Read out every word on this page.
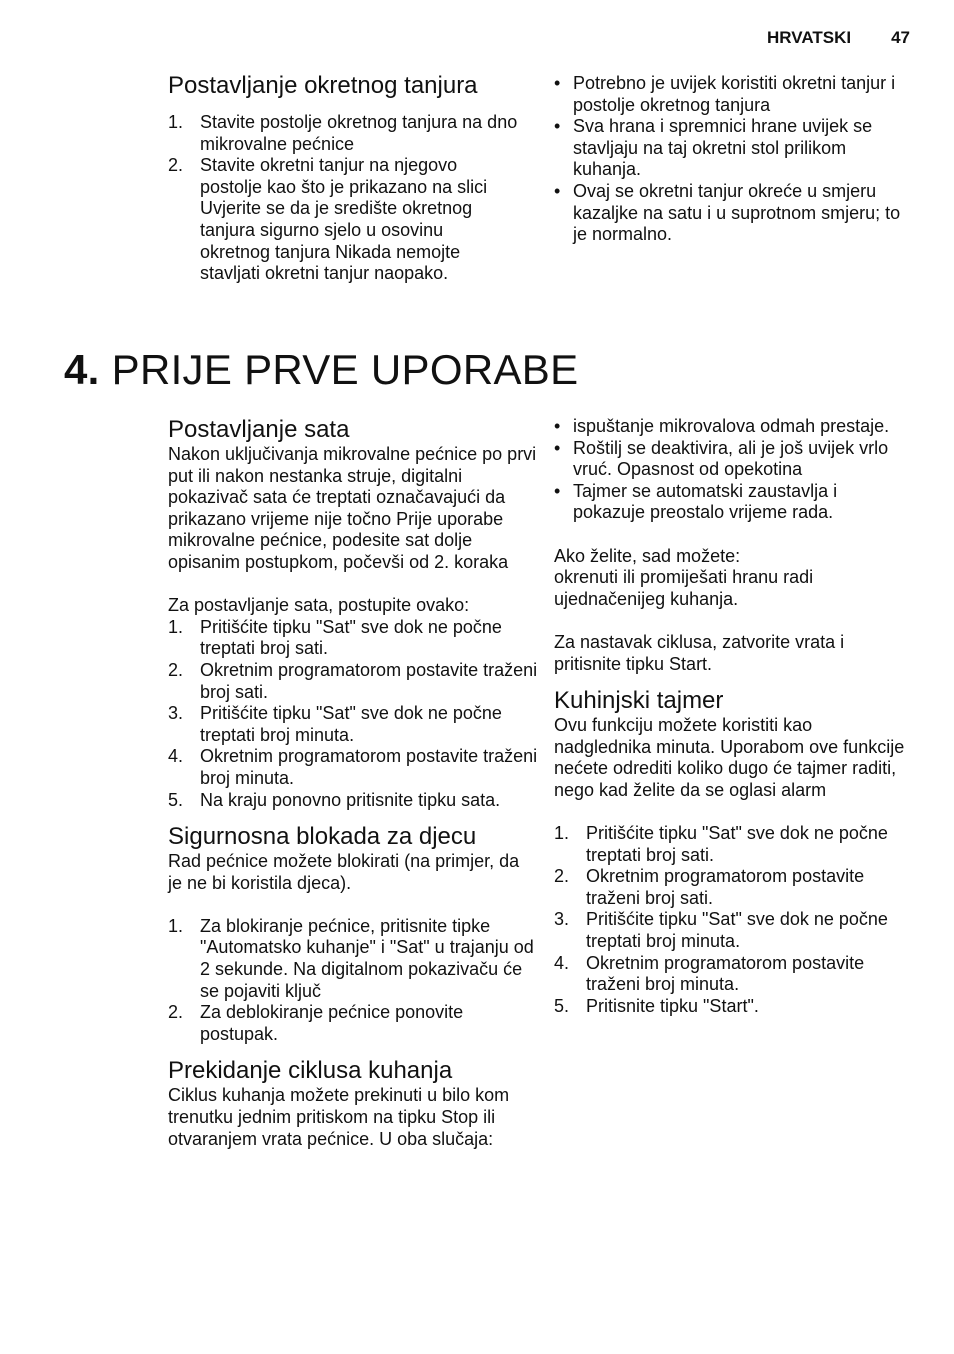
HRVATSKI 47
Postavljanje okretnog tanjura
1. Stavite postolje okretnog tanjura na dno mikrovalne pećnice
2. Stavite okretni tanjur na njegovo postolje kao što je prikazano na slici Uvjerite se da je središte okretnog tanjura sigurno sjelo u osovinu okretnog tanjura Nikada nemojte stavljati okretni tanjur naopako.
• Potrebno je uvijek koristiti okretni tanjur i postolje okretnog tanjura
• Sva hrana i spremnici hrane uvijek se stavljaju na taj okretni stol prilikom kuhanja.
• Ovaj se okretni tanjur okreće u smjeru kazaljke na satu i u suprotnom smjeru; to je normalno.
4. PRIJE PRVE UPORABE
Postavljanje sata

Nakon uključivanja mikrovalne pećnice po prvi put ili nakon nestanka struje, digitalni pokazivač sata će treptati označavajući da prikazano vrijeme nije točno Prije uporabe mikrovalne pećnice, podesite sat dolje opisanim postupkom, počevši od 2. koraka

Za postavljanje sata, postupite ovako:

1. Pritišćite tipku "Sat" sve dok ne počne treptati broj sati.
2. Okretnim programatorom postavite traženi broj sati.
3. Pritišćite tipku "Sat" sve dok ne počne treptati broj minuta.
4. Okretnim programatorom postavite traženi broj minuta.
5. Na kraju ponovno pritisnite tipku sata.
Sigurnosna blokada za djecu

Rad pećnice možete blokirati (na primjer, da je ne bi koristila djeca).

1. Za blokiranje pećnice, pritisnite tipke "Automatsko kuhanje" i "Sat" u trajanju od 2 sekunde. Na digitalnom pokazivaču će se pojaviti ključ
2. Za deblokiranje pećnice ponovite postupak.
Prekidanje ciklusa kuhanja

Ciklus kuhanja možete prekinuti u bilo kom trenutku jednim pritiskom na tipku Stop ili otvaranjem vrata pećnice. U oba slučaja:

• ispuštanje mikrovalova odmah prestaje.
• Roštilj se deaktivira, ali je još uvijek vrlo vruć. Opasnost od opekotina
• Tajmer se automatski zaustavlja i pokazuje preostalo vrijeme rada.

Ako želite, sad možete:

okrenuti ili promiješati hranu radi ujednačenijeg kuhanja.

Za nastavak ciklusa, zatvorite vrata i pritisnite tipku Start.

Kuhinjski tajmer

Ovu funkciju možete koristiti kao nadglednika minuta. Uporabom ove funkcije nećete odrediti koliko dugo će tajmer raditi, nego kad želite da se oglasi alarm

1. Pritišćite tipku "Sat" sve dok ne počne treptati broj sati.
2. Okretnim programatorom postavite traženi broj sati.
3. Pritišćite tipku "Sat" sve dok ne počne treptati broj minuta.
4. Okretnim programatorom postavite traženi broj minuta.
5. Pritisnite tipku "Start".
